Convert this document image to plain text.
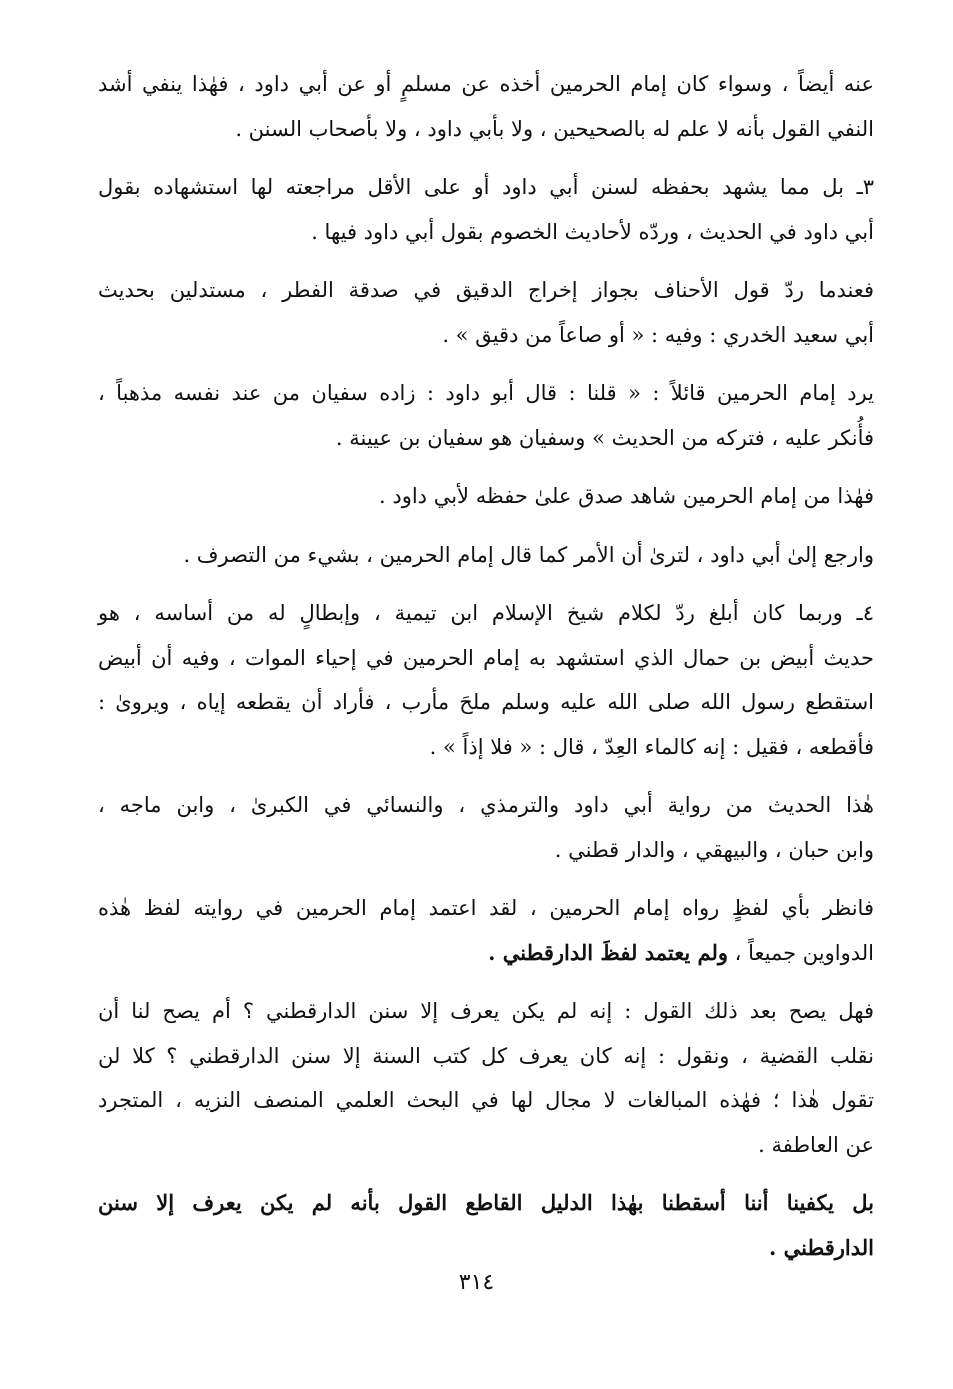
عنه أيضاً ، وسواء كان إمام الحرمين أخذه عن مسلمٍ أو عن أبي داود ، فهٰذا ينفي أشد
النفي القول بأنه لا علم له بالصحيحين ، ولا بأبي داود ، ولا بأصحاب السنن .

٣ـ بل مما يشهد بحفظه لسنن أبي داود أو على الأقل مراجعته لها استشهاده بقول
أبي داود في الحديث ، وردّه لأحاديث الخصوم بقول أبي داود فيها .

فعندما ردّ قول الأحناف بجواز إخراج الدقيق في صدقة الفطر ، مستدلين بحديث
أبي سعيد الخدري : وفيه : « أو صاعاً من دقيق » .

يرد إمام الحرمين قائلاً : « قلنا : قال أبو داود : زاده سفيان من عند نفسه مذهباً ،
فأُنكر عليه ، فتركه من الحديث » وسفيان هو سفيان بن عيينة .

فهٰذا من إمام الحرمين شاهد صدق علىٰ حفظه لأبي داود .

وارجع إلىٰ أبي داود ، لترىٰ أن الأمر كما قال إمام الحرمين ، بشيء من التصرف .

٤ـ وربما كان أبلغ ردّ لكلام شيخ الإسلام ابن تيمية ، وإبطالٍ له من أساسه ، هو
حديث أبيض بن حمال الذي استشهد به إمام الحرمين في إحياء الموات ، وفيه أن أبيض
استقطع رسول الله صلى الله عليه وسلم ملحَ مأرب ، فأراد أن يقطعه إياه ، ويروىٰ :
فأقطعه ، فقيل : إنه كالماء العِدّ ، قال : « فلا إذاً » .

هٰذا الحديث من رواية أبي داود والترمذي ، والنسائي في الكبرىٰ ، وابن ماجه ،
وابن حبان ، والبيهقي ، والدار قطني .

فانظر بأي لفظٍ رواه إمام الحرمين ، لقد اعتمد إمام الحرمين في روايته لفظ هٰذه
الدواوين جميعاً ، ولم يعتمد لفظَ الدارقطني .

فهل يصح بعد ذلك القول : إنه لم يكن يعرف إلا سنن الدارقطني ؟ أم يصح لنا أن
نقلب القضية ، ونقول : إنه كان يعرف كل كتب السنة إلا سنن الدارقطني ؟ كلا لن
تقول هٰذا ؛ فهٰذه المبالغات لا مجال لها في البحث العلمي المنصف النزيه ، المتجرد
عن العاطفة .

بل يكفينا أننا أسقطنا بهٰذا الدليل القاطع القول بأنه لم يكن يعرف إلا سنن
الدارقطني .

٣١٤
